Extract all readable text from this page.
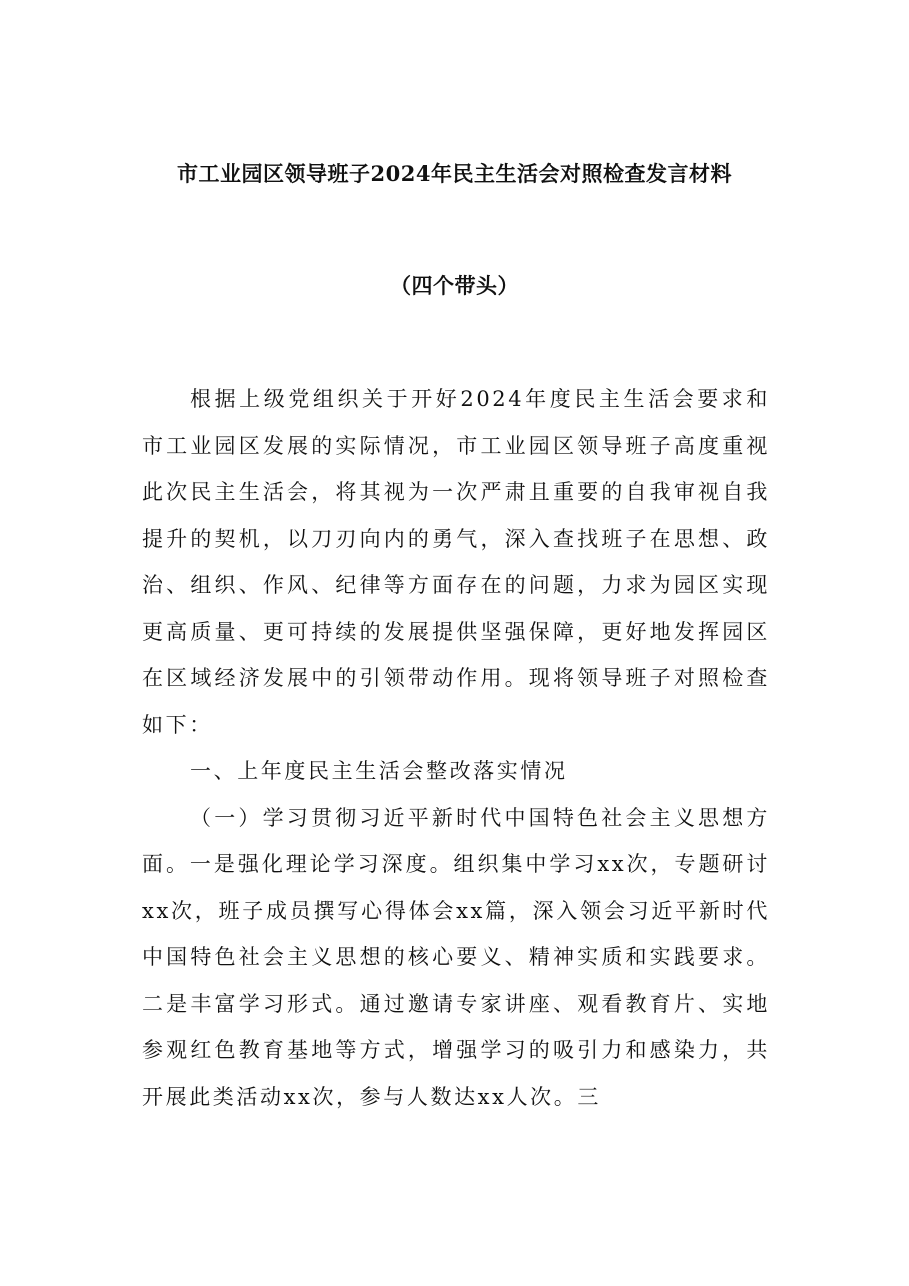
市工业园区领导班子2024年民主生活会对照检查发言材料
（四个带头）

根据上级党组织关于开好2024年度民主生活会要求和市工业园区发展的实际情况，市工业园区领导班子高度重视此次民主生活会，将其视为一次严肃且重要的自我审视自我提升的契机，以刀刃向内的勇气，深入查找班子在思想、政治、组织、作风、纪律等方面存在的问题，力求为园区实现更高质量、更可持续的发展提供坚强保障，更好地发挥园区在区域经济发展中的引领带动作用。现将领导班子对照检查如下：

一、上年度民主生活会整改落实情况

（一）学习贯彻习近平新时代中国特色社会主义思想方面。一是强化理论学习深度。组织集中学习xx次，专题研讨xx次，班子成员撰写心得体会xx篇，深入领会习近平新时代中国特色社会主义思想的核心要义、精神实质和实践要求。二是丰富学习形式。通过邀请专家讲座、观看教育片、实地参观红色教育基地等方式，增强学习的吸引力和感染力，共开展此类活动xx次，参与人数达xx人次。三
